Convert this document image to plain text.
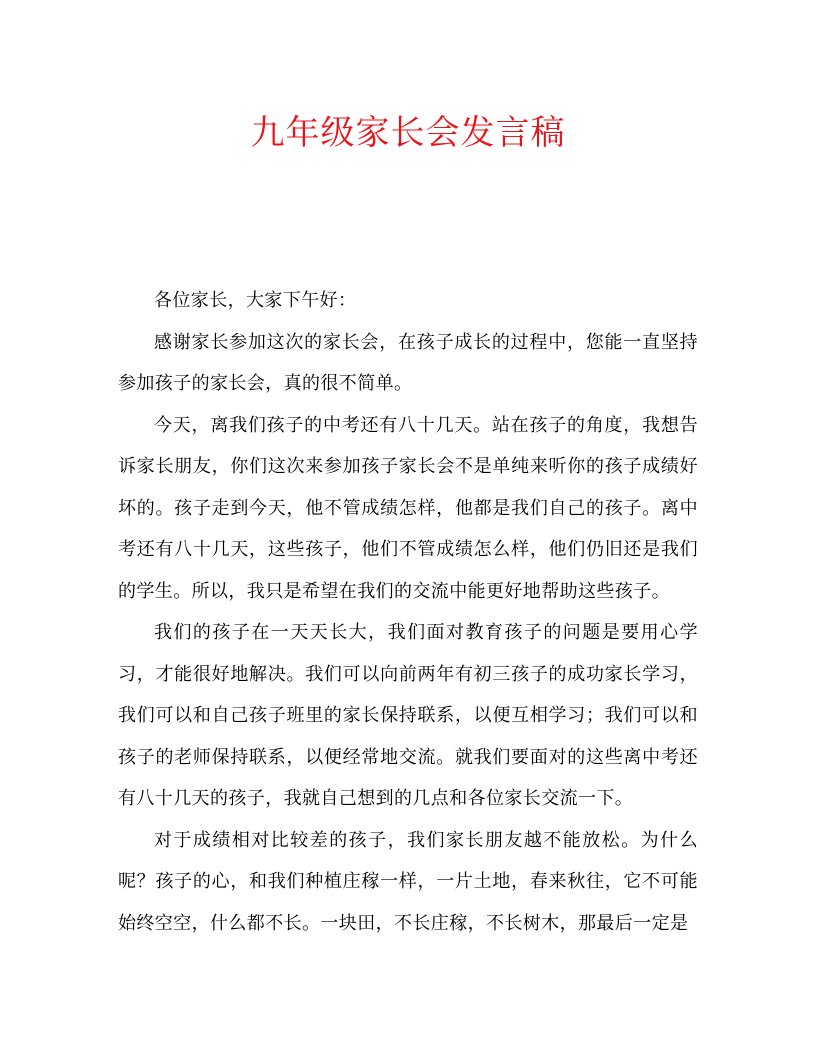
九年级家长会发言稿

各位家长，大家下午好：

感谢家长参加这次的家长会，在孩子成长的过程中，您能一直坚持参加孩子的家长会，真的很不简单。

今天，离我们孩子的中考还有八十几天。站在孩子的角度，我想告诉家长朋友，你们这次来参加孩子家长会不是单纯来听你的孩子成绩好坏的。孩子走到今天，他不管成绩怎样，他都是我们自己的孩子。离中考还有八十几天，这些孩子，他们不管成绩怎么样，他们仍旧还是我们的学生。所以，我只是希望在我们的交流中能更好地帮助这些孩子。

我们的孩子在一天天长大，我们面对教育孩子的问题是要用心学习，才能很好地解决。我们可以向前两年有初三孩子的成功家长学习，我们可以和自己孩子班里的家长保持联系，以便互相学习；我们可以和孩子的老师保持联系，以便经常地交流。就我们要面对的这些离中考还有八十几天的孩子，我就自己想到的几点和各位家长交流一下。

对于成绩相对比较差的孩子，我们家长朋友越不能放松。为什么呢？孩子的心，和我们种植庄稼一样，一片土地，春来秋往，它不可能始终空空，什么都不长。一块田，不长庄稼，不长树木，那最后一定是
